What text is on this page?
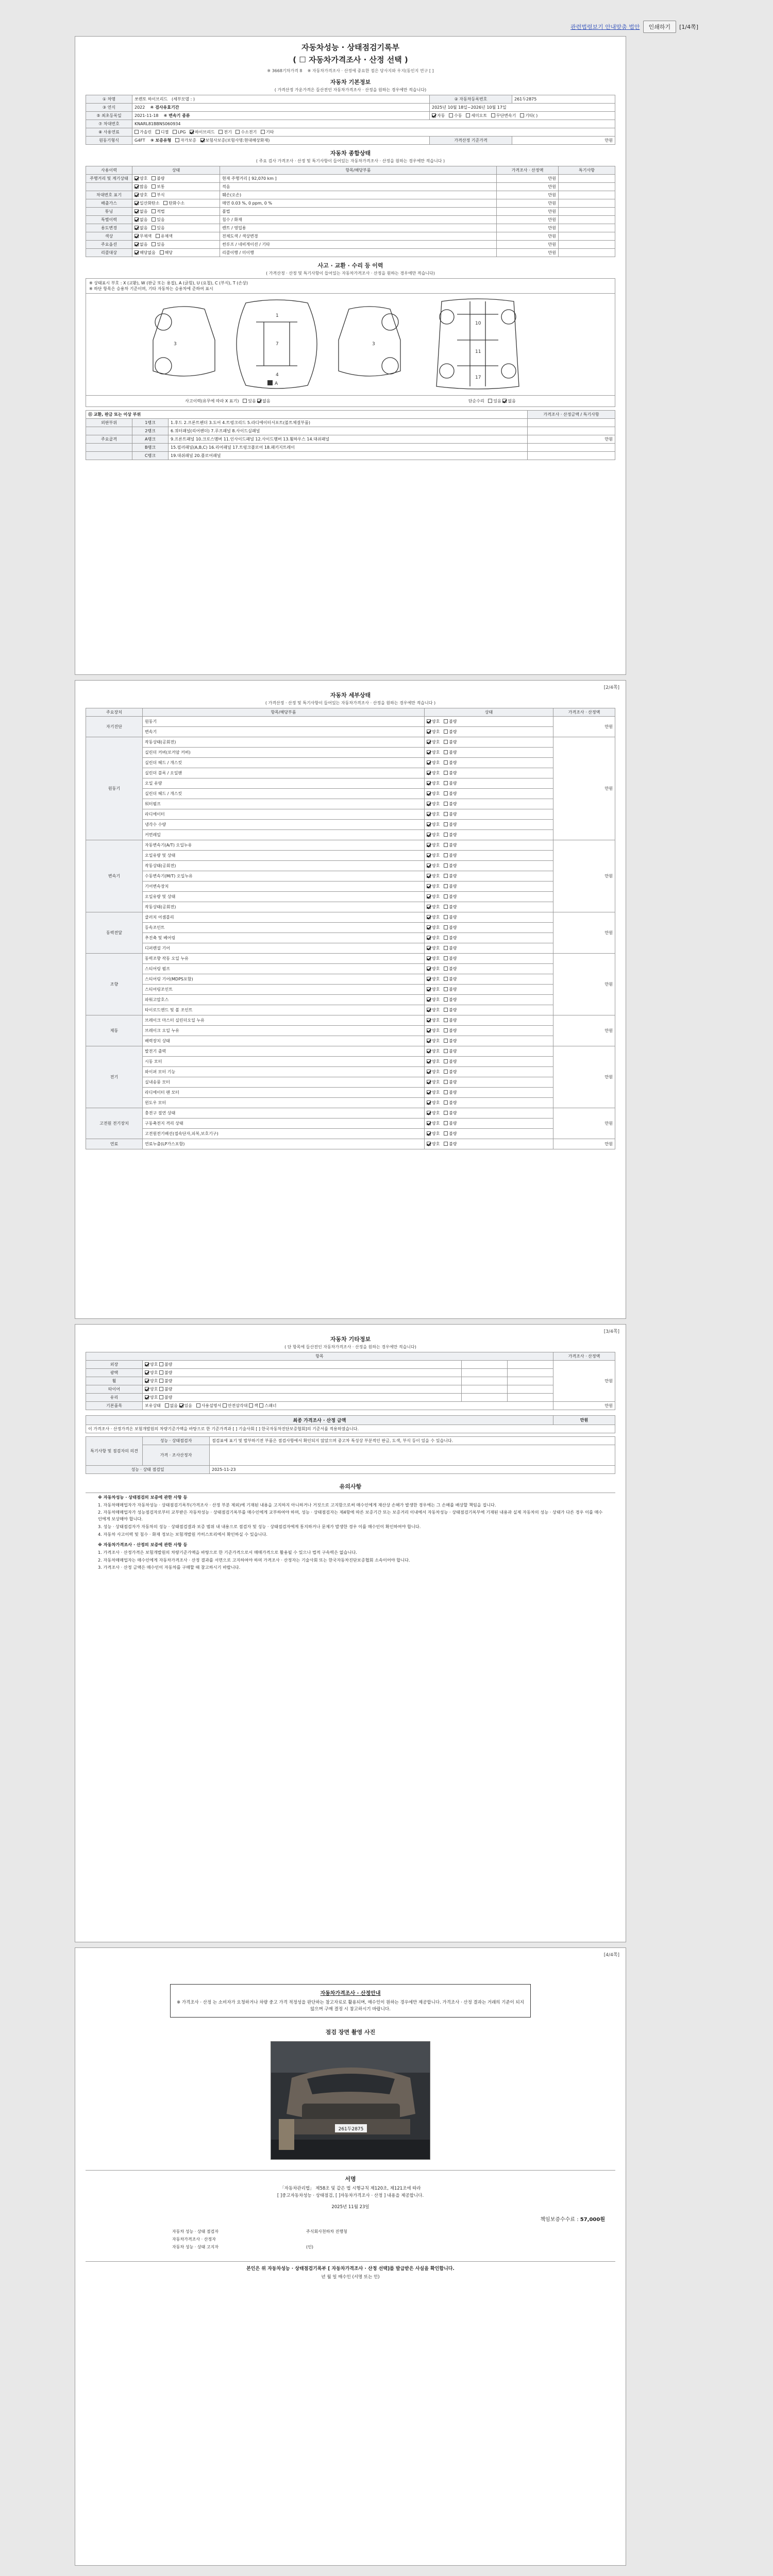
관련법령보기 안내맞춤 법안	인쇄하기	[1/4쪽]
자동차성능 · 상태점검기록부
( ☐ 자동차가격조사 · 산정 선택 )
※ 3668기차가격 8 ※ 자동차가격조사 · 산정에 중요한 점은 당사지와 우지(동인지 연구 [ ]
자동차 기본정보
( 가격산정 가운가격은 들산전인 자동차가격조사 · 산정을 원하는 경우에만 적습니다)
① 차명	쏘렌토 하이브리드 (세부모델 : )	② 자동차등록번호	261두2875
③ 연식	2022 ④ 검사유효기간	2025년 10월 18일~2026년 10월 17일	
⑤ 최초등록일	2021-11-18 ⑥ 변속기 종류	자동 수동 세미오토 무단변속기 기타( )	
⑦ 차대번호	KNARL81BBNS060934		
⑧ 사용연료	가솔린 디젤 LPG 하이브리드 전기 수소전기 기타		
원동기형식	G4FT ⑨ 보증유형 자가보증 보험사보증(보험사명:현대해상화재)	가격산정 기준가격	만원
자동차 종합상태
( 주요 검사 가격조사 · 산정 및 특기사항이 들어있는 자동차가격조사 · 산정을 원하는 경우에만 적습니다 )
사용이력	상태	항목/해당부품	가격조사 · 산정액	특기사항
주행거리 및 계기상태	양호 불량	현재 주행거리 [ 92,070 km ]	만원	
	많음 보통	적음	만원	
차대번호 표기	양호 부식	훼손(오손)	만원	
배출가스	일산화탄소 탄화수소	매연 0.03 %, 0 ppm, 0 %	만원	
튜닝	없음 적법	불법	만원	
특별이력	없음 있음	침수 / 화재	만원	
용도변경	없음 있음	렌트 / 영업용	만원	
색상	무채색 유채색	전체도색 / 색상변경	만원	
주요옵션	없음 있음	썬루프 / 네비게이션 / 기타	만원	
리콜대상	해당없음 해당	리콜이행 / 미이행	만원	
사고 · 교환 · 수리 등 이력
( 가격산정 · 산정 및 특기사항이 들어있는 자동차가격조사 · 산정을 원하는 경우에만 적습니다)
※ 상태표시 부호 : X (교환), W (판금 또는 용접), A (긁힘), U (요철), C (부식), T (손상)
※ 하단 항목은 승용차 기준이며, 기타 자동차는 승용차에 준하여 표시
1
7
4
10
11
17
3	3
A
사고이력(유무에 따라 X 표기) 있음 없음	단순수리 있음 없음
⑪ 교환, 판금 또는 이상 부위			가격조사 · 산정금액 / 특기사항
외판부위	1랭크	1.후드 2.프론트펜더 3.도어 4.트렁크리드 5.라디에이터서포트(볼트체결부품)	
	2랭크	6.쿼터패널(리어펜더) 7.루프패널 8.사이드실패널	
주요골격	A랭크	9.프론트패널 10.크로스멤버 11.인사이드패널 12.사이드멤버 13.휠하우스 14.대쉬패널	만원
	B랭크	15.필러패널(A,B,C) 16.리어패널 17.트렁크플로어 18.패키지트레이	
	C랭크	19.대쉬패널 20.플로어패널	
[2/4쪽]
자동차 세부상태
( 가격산정 · 산정 및 특기사항이 들어있는 자동차가격조사 · 산정을 원하는 경우에만 적습니다 )
주요장치	항목/해당부품	상태	가격조사 · 산정액
자기진단	원동기	양호 불량	만원
	변속기	양호 불량	
원동기	작동상태(공회전)	양호 불량	만원
	실린더 커버(로커암 커버)	양호 불량	
	실린더 헤드 / 개스킷	양호 불량	
	실린더 블록 / 오일팬	양호 불량	
	오일 유량	양호 불량	
	실린더 헤드 / 개스킷	양호 불량	
	워터펌프	양호 불량	
	라디에이터	양호 불량	
	냉각수 수량	양호 불량	
	커먼레일	양호 불량	
변속기	자동변속기(A/T) 오일누유	양호 불량	만원
	오일유량 및 상태	양호 불량	
	작동상태(공회전)	양호 불량	
	수동변속기(M/T) 오일누유	양호 불량	
	기어변속장치	양호 불량	
	오일유량 및 상태	양호 불량	
	작동상태(공회전)	양호 불량	
동력전달	클러치 어셈블리	양호 불량	만원
	등속조인트	양호 불량	
	추진축 및 베어링	양호 불량	
	디퍼렌셜 기어	양호 불량	
조향	동력조향 작동 오일 누유	양호 불량	만원
	스티어링 펌프	양호 불량	
	스티어링 기어(MDPS포함)	양호 불량	
	스티어링조인트	양호 불량	
	파워고압호스	양호 불량	
	타이로드엔드 및 볼 조인트	양호 불량	
제동	브레이크 마스터 실린더오일 누유	양호 불량	만원
	브레이크 오일 누유	양호 불량	
	배력장치 상태	양호 불량	
전기	발전기 출력	양호 불량	만원
	시동 모터	양호 불량	
	와이퍼 모터 기능	양호 불량	
	실내송풍 모터	양호 불량	
	라디에이터 팬 모터	양호 불량	
	윈도우 모터	양호 불량	
고전원 전기장치	충전구 절연 상태	양호 불량	만원
	구동축전지 격리 상태	양호 불량	
	고전원전기배선(접속단자,피복,보호기구)	양호 불량	
연료	연료누출(LP가스포함)	양호 불량	만원
[3/4쪽]
자동차 기타정보
( 단 항목에 들산전인 자동차가격조사 · 산정을 원하는 경우에만 적습니다)
항목				가격조사 · 산정액
외장	양호 불량			만원
광택	양호 불량			
휠	양호 불량			
타이어	양호 불량			
유리	양호 불량			
기본품목	보유상태 없음 있음 사용설명서 안전삼각대 잭 스패너			만원
최종 가격조사 · 산정 금액	만원
이 가격조사 · 산정가격은 보험개발원의 차량기준가액을 바탕으로 한 기준가격과 [ ] 기술사회 [ ] 한국자동차진단보증협회]의 기준서를 적용하였습니다.
특기사항 및 점검자의 의견	성능 · 상태점검자	점검표에 표기 및 발부하기전 부품은 점검사항에서 확인되지 않았으며 중고차 특성상 부분적인 판금, 도색, 부식 등이 있을 수 있습니다.
	가격 · 조사산정자	
성능 · 상태 점검일		2025-11-23
유의사항

※ 자동차성능 · 상태점검의 보증에 관한 사항 등

1. 자동차매매업자가 자동차성능 · 상태점검기록부(가격조사 · 산정 부분 제외)에 기재된 내용을 고지하지 아니하거나 거짓으로 고지함으로써 매수인에게 재산상 손해가 발생한 경우에는 그 손해를 배상할 책임을 집니다.

2. 자동차매매업자가 성능점검자로부터 교부받은 자동차성능 · 상태점검기록부를 매수인에게 교부하여야 하며, 성능 · 상태점검자는 제4항에 따른 보증기간 또는 보증거리 이내에서 자동차성능 · 상태점검기록부에 기재된 내용과 실제 자동차의 성능 · 상태가 다른 경우 이를 매수인에게 보상해야 합니다.

3. 성능 · 상태점검자가 자동차의 성능 · 상태점검결과 보증 범위 내 내용으로 점검자 및 성능 · 상태점검자에게 통지하거나 문제가 발생한 경우 이를 매수인이 확인하여야 합니다.

4. 자동차 사고이력 및 침수 · 화재 정보는 보험개발원 카히스토리에서 확인하실 수 있습니다.

※ 자동차가격조사 · 산정의 보증에 관한 사항 등

1. 가격조사 · 산정가격은 보험개발원의 차량기준가액을 바탕으로 한 기준가격으로서 매매가격으로 활용될 수 있으나 법적 구속력은 없습니다.

2. 자동차매매업자는 매수인에게 자동차가격조사 · 산정 결과를 서면으로 고지하여야 하며 가격조사 · 산정자는 기술사회 또는 한국자동차진단보증협회 소속이어야 합니다.

3. 가격조사 · 산정 금액은 매수인이 자동차를 구매할 때 참고하시기 바랍니다.

[4/4쪽]
자동차가격조사 · 산정안내
※ 가격조사 · 산정 는 소비자가 요청하거나 차량 중고 가격 적정성을 판단하는 참고자료로 활용되며, 매수인이 원하는 경우에만 제공합니다. 가격조사 · 산정 결과는 거래의 기준이 되지 않으며 구매 결정 시 참고하시기 바랍니다.
점검 장면 촬영 사진
261두2875
서명
「자동차관리법」 제58조 및 같은 법 시행규칙 제120조, 제121조에 따라
[ ]중고자동차성능 · 상태점검, [ ]자동차가격조사 · 산정 ] 내용을 제공합니다.
2025년 11월 23일
책임보증수수료 : 57,000원
자동차 성능 · 상태 점검자	주식회사천하차 진행청
자동차가격조사 · 산정자	
자동차 성능 · 상태 고지자	(인)
본인은 위 자동차성능 · 상태점검기록부 [ 자동차가격조사 · 산정 선택]를 발급받은 사실을 확인합니다.
년 월 일 매수인 (서명 또는 인)
